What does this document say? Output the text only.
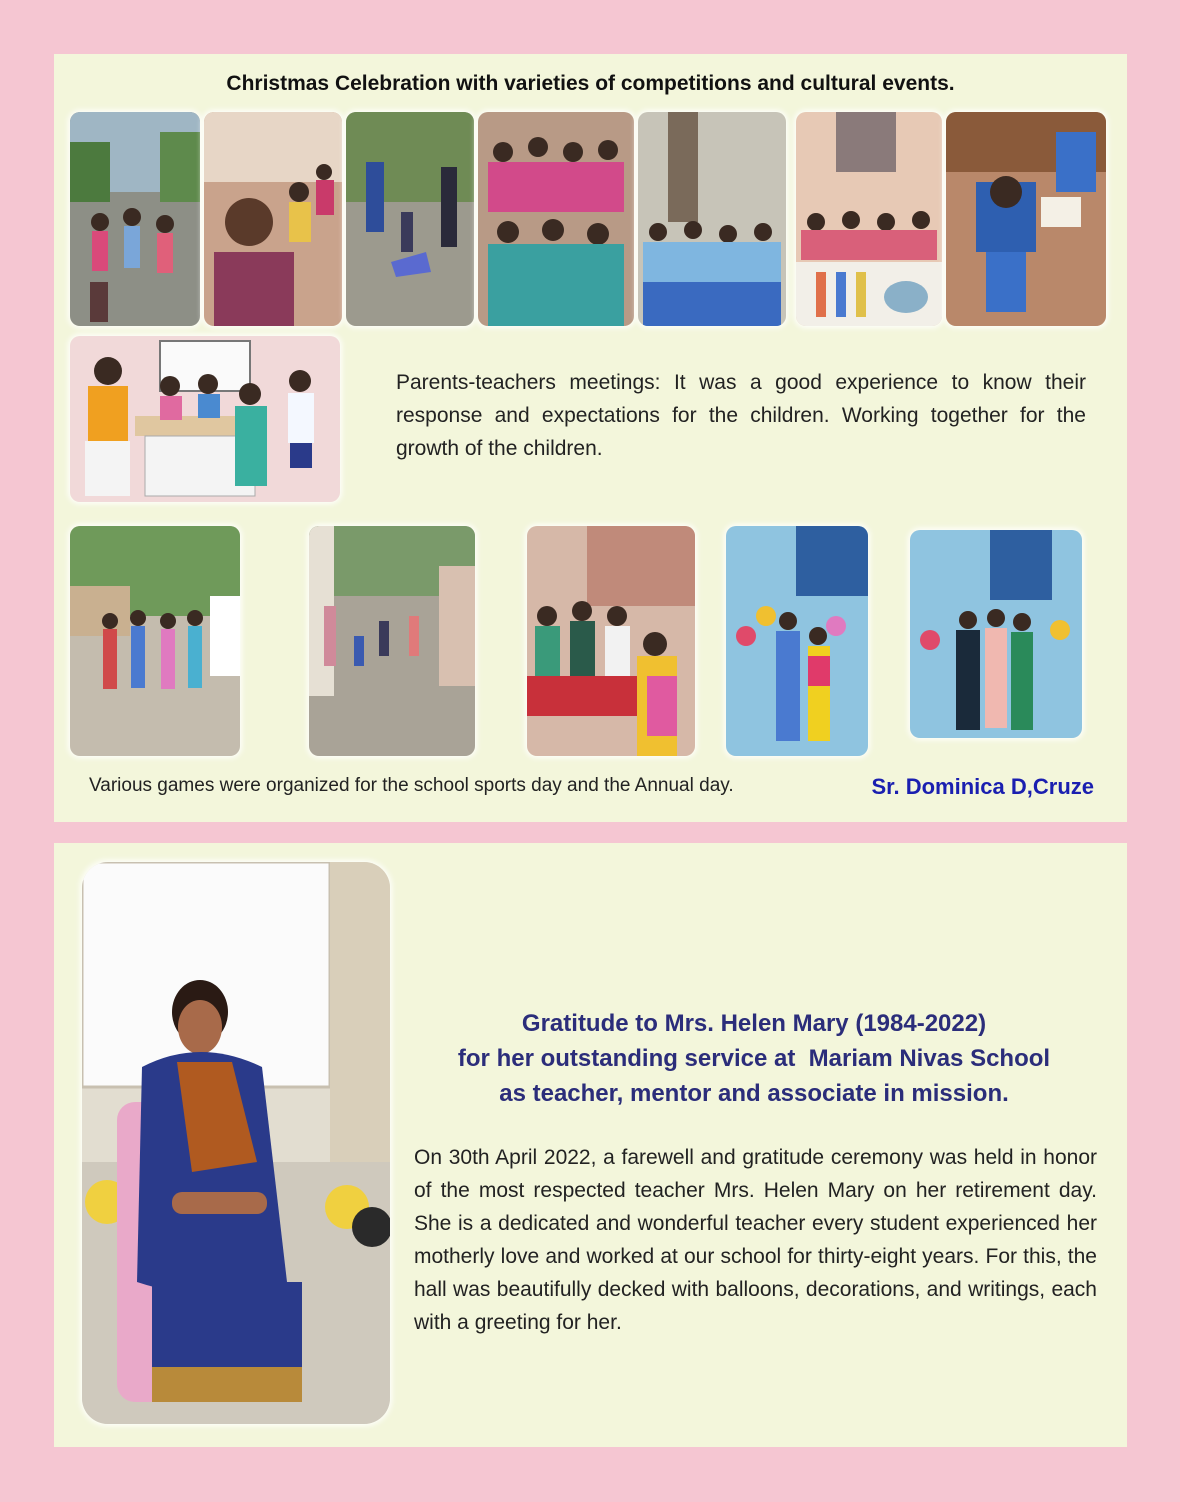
Christmas Celebration with varieties of competitions and cultural events.
Parents-teachers meetings: It was a good experience to know their response and expectations for the children. Working together for the growth of the children.
Various games were organized for the school sports day and the Annual day.	Sr. Dominica D,Cruze
Gratitude to Mrs. Helen Mary (1984-2022)
for her outstanding service at  Mariam Nivas School
as teacher, mentor and associate in mission.
On 30th April 2022, a farewell and gratitude ceremony was held in honor of the most respected teacher Mrs. Helen Mary on her retirement day. She is a dedicated and wonderful teacher every student experienced her motherly love and worked at our school for thirty-eight years. For this, the hall was beautifully decked with balloons, decorations, and writings, each with a greeting for her.
